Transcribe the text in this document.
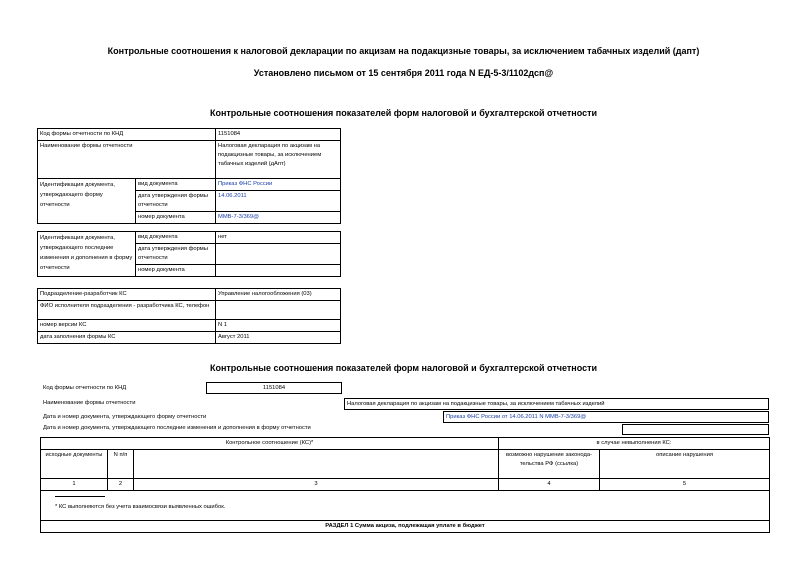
Контрольные соотношения к налоговой декларации по акцизам на подакцизные товары, за исключением табачных изделий (дапт)
Установлено письмом от 15 сентября 2011 года N ЕД-5-3/1102дсп@
Контрольные соотношения показателей форм налоговой и бухгалтерской отчетности
Код формы отчетности по КНД		1151084
Наименование формы отчетности		Налоговая декларация по акцизам на подакцизные товары, за исключением табачных изделий (дАпт)
Идентификация документа, утверждающего форму отчетности	вид документа	Приказ ФНС России
	дата утверждения формы отчетности	14.06.2011
	номер документа	ММВ-7-3/369@
Идентификация документа, утверждающего последние изменения и дополнения в форму отчетности	вид документа	нет
	дата утверждения формы отчетности	
	номер документа	
Подразделение-разработчик КС	Управление налогообложения (03)
ФИО исполнителя подразделения - разработчика КС, телефон	
номер версии КС	N 1
дата заполнения формы КС	Август 2011
Контрольные соотношения показателей форм налоговой и бухгалтерской отчетности
Код формы отчетности по КНД	1151084
Наименование формы отчетности	Налоговая декларация по акцизам на подакцизные товары, за исключением табачных изделий
Дата и номер документа, утверждающего форму отчетности	Приказ ФНС России от 14.06.2011 N ММВ-7-3/369@
Дата и номер документа, утверждающего последние изменения и дополнения в форму отчетности
Контрольное соотношение (КС)*			в случае невыполнения КС:	
исходные документы	N п/п		возможно нарушение законода- тельства РФ (ссылка)	описание нарушения
1	2	3	4	5

* КС выполняются без учета взаимосвязи выявленных ошибок.				

РАЗДЕЛ 1 Сумма акциза, подлежащая уплате в бюджет				
